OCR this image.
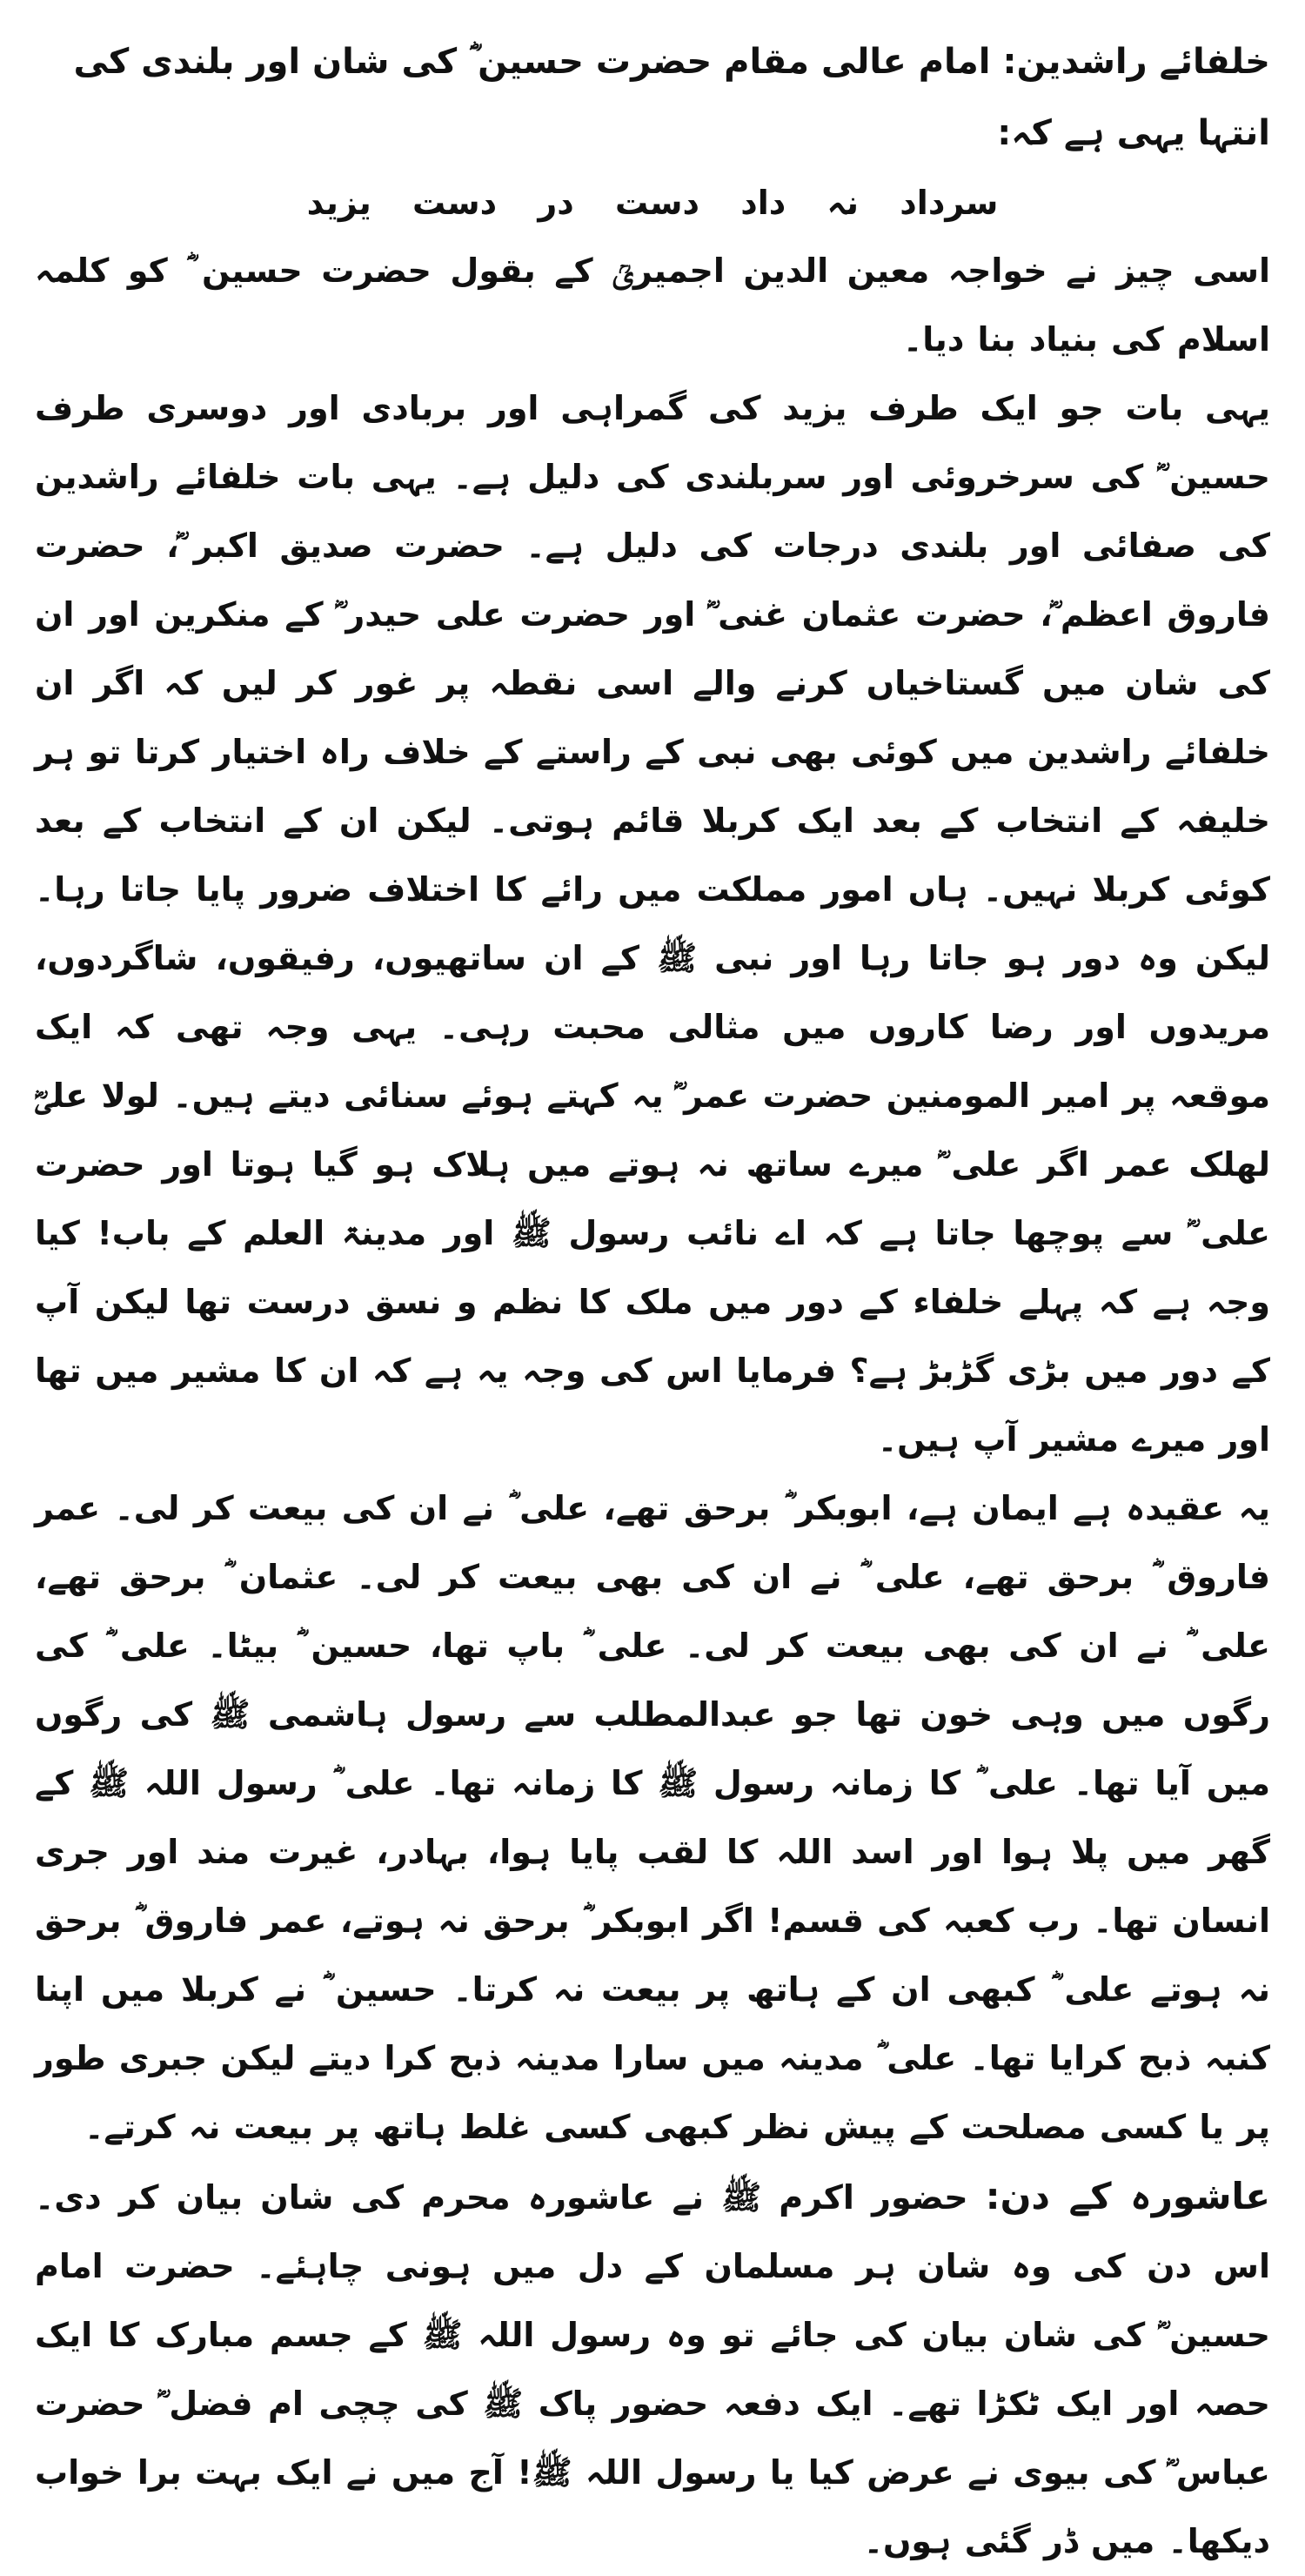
خلفائے راشدین: امام عالی مقام حضرت حسین ؓ کی شان اور بلندی کی انتہا یہی ہے کہ:

سرداد نہ داد دست در دست یزید

اسی چیز نے خواجہ معین الدین اجمیریؒ کے بقول حضرت حسین ؓ کو کلمہ اسلام کی بنیاد بنا دیا۔

یہی بات جو ایک طرف یزید کی گمراہی اور بربادی اور دوسری طرف حسین ؓ کی سرخروئی اور سربلندی کی دلیل ہے۔ یہی بات خلفائے راشدین کی صفائی اور بلندی درجات کی دلیل ہے۔ حضرت صدیق اکبر ؓ، حضرت فاروق اعظم ؓ، حضرت عثمان غنی ؓ اور حضرت علی حیدر ؓ کے منکرین اور ان کی شان میں گستاخیاں کرنے والے اسی نقطہ پر غور کر لیں کہ اگر ان خلفائے راشدین میں کوئی بھی نبی کے راستے کے خلاف راہ اختیار کرتا تو ہر خلیفہ کے انتخاب کے بعد ایک کربلا قائم ہوتی۔ لیکن ان کے انتخاب کے بعد کوئی کربلا نہیں۔ ہاں امور مملکت میں رائے کا اختلاف ضرور پایا جاتا رہا۔ لیکن وہ دور ہو جاتا رہا اور نبی ﷺ کے ان ساتھیوں، رفیقوں، شاگردوں، مریدوں اور رضا کاروں میں مثالی محبت رہی۔ یہی وجہ تھی کہ ایک موقعہ پر امیر المومنین حضرت عمر ؓ یہ کہتے ہوئے سنائی دیتے ہیں۔ لولا علیؓ لھلک عمر اگر علی ؓ میرے ساتھ نہ ہوتے میں ہلاک ہو گیا ہوتا اور حضرت علی ؓ سے پوچھا جاتا ہے کہ اے نائب رسول ﷺ اور مدینۃ العلم کے باب! کیا وجہ ہے کہ پہلے خلفاء کے دور میں ملک کا نظم و نسق درست تھا لیکن آپ کے دور میں بڑی گڑبڑ ہے؟ فرمایا اس کی وجہ یہ ہے کہ ان کا مشیر میں تھا اور میرے مشیر آپ ہیں۔

یہ عقیدہ ہے ایمان ہے، ابوبکر ؓ برحق تھے، علی ؓ نے ان کی بیعت کر لی۔ عمر فاروق ؓ برحق تھے، علی ؓ نے ان کی بھی بیعت کر لی۔ عثمان ؓ برحق تھے، علی ؓ نے ان کی بھی بیعت کر لی۔ علی ؓ باپ تھا، حسین ؓ بیٹا۔ علی ؓ کی رگوں میں وہی خون تھا جو عبدالمطلب سے رسول ہاشمی ﷺ کی رگوں میں آیا تھا۔ علی ؓ کا زمانہ رسول ﷺ کا زمانہ تھا۔ علی ؓ رسول اللہ ﷺ کے گھر میں پلا ہوا اور اسد اللہ کا لقب پایا ہوا، بہادر، غیرت مند اور جری انسان تھا۔ رب کعبہ کی قسم! اگر ابوبکر ؓ برحق نہ ہوتے، عمر فاروق ؓ برحق نہ ہوتے علی ؓ کبھی ان کے ہاتھ پر بیعت نہ کرتا۔ حسین ؓ نے کربلا میں اپنا کنبہ ذبح کرایا تھا۔ علی ؓ مدینہ میں سارا مدینہ ذبح کرا دیتے لیکن جبری طور پر یا کسی مصلحت کے پیش نظر کبھی کسی غلط ہاتھ پر بیعت نہ کرتے۔

عاشورہ کے دن: حضور اکرم ﷺ نے عاشورہ محرم کی شان بیان کر دی۔ اس دن کی وہ شان ہر مسلمان کے دل میں ہونی چاہئے۔ حضرت امام حسین ؓ کی شان بیان کی جائے تو وہ رسول اللہ ﷺ کے جسم مبارک کا ایک حصہ اور ایک ٹکڑا تھے۔ ایک دفعہ حضور پاک ﷺ کی چچی ام فضل ؓ حضرت عباس ؓ کی بیوی نے عرض کیا یا رسول اللہ ﷺ! آج میں نے ایک بہت برا خواب دیکھا۔ میں ڈر گئی ہوں۔
